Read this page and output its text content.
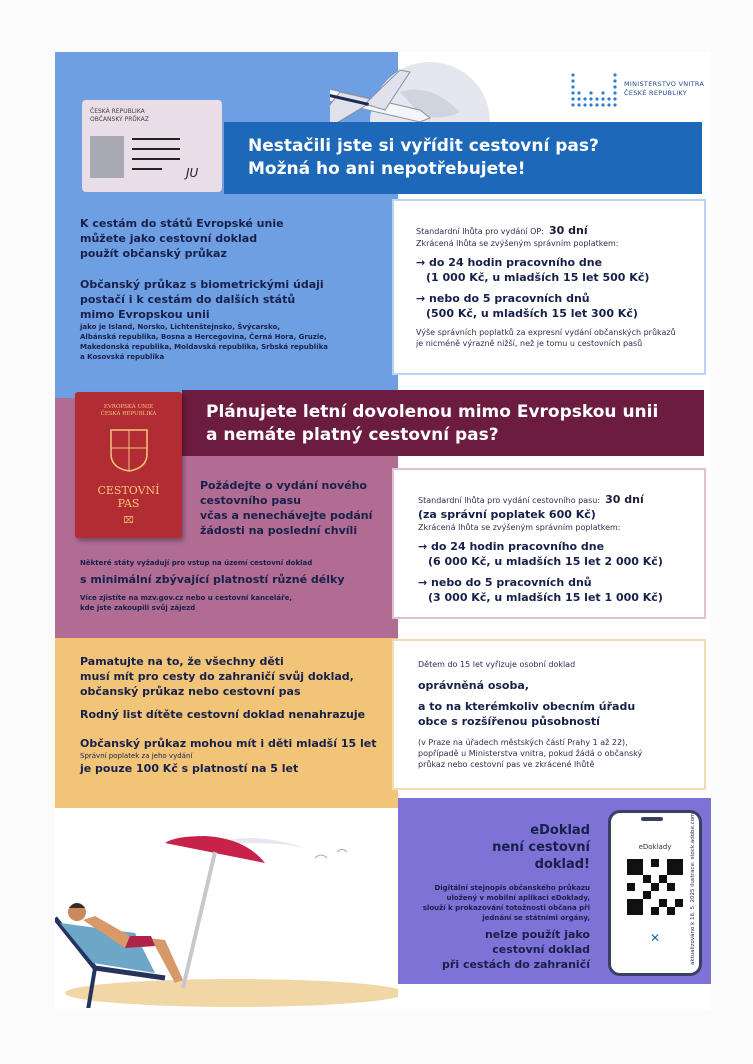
MINISTERSTVO VNITRA
ČESKÉ REPUBLIKY
ČESKÁ REPUBLIKA
OBČANSKÝ PRŮKAZ
JU
Nestačili jste si vyřídit cestovní pas?
Možná ho ani nepotřebujete!
K cestám do států Evropské unie
můžete jako cestovní doklad
použít občanský průkaz
Občanský průkaz s biometrickými údaji
postačí i k cestám do dalších států
mimo Evropskou unii
jako je Island, Norsko, Lichtenštejnsko, Švýcarsko,
Albánská republika, Bosna a Hercegovina, Černá Hora, Gruzie,
Makedonská republika, Moldavská republika, Srbská republika
a Kosovská republika
Standardní lhůta pro vydání OP: 30 dní
Zkrácená lhůta se zvýšeným správním poplatkem:
→ do 24 hodin pracovního dne
(1 000 Kč, u mladších 15 let 500 Kč)
→ nebo do 5 pracovních dnů
(500 Kč, u mladších 15 let 300 Kč)
Výše správních poplatků za expresní vydání občanských průkazů
je nicméně výrazně nižší, než je tomu u cestovních pasů
Plánujete letní dovolenou mimo Evropskou unii
a nemáte platný cestovní pas?
EVROPSKÁ UNIE
ČESKÁ REPUBLIKA
CESTOVNÍ
PAS
⌧
Požádejte o vydání nového
cestovního pasu
včas a nenechávejte podání
žádosti na poslední chvíli
Některé státy vyžadují pro vstup na území cestovní doklad
s minimální zbývající platností různé délky
Více zjistíte na mzv.gov.cz nebo u cestovní kanceláře,
kde jste zakoupili svůj zájezd
Standardní lhůta pro vydání cestovního pasu: 30 dní
(za správní poplatek 600 Kč)
Zkrácená lhůta se zvýšeným správním poplatkem:
→ do 24 hodin pracovního dne
(6 000 Kč, u mladších 15 let 2 000 Kč)
→ nebo do 5 pracovních dnů
(3 000 Kč, u mladších 15 let 1 000 Kč)
Pamatujte na to, že všechny děti
musí mít pro cesty do zahraničí svůj doklad,
občanský průkaz nebo cestovní pas
Rodný list dítěte cestovní doklad nenahrazuje
Občanský průkaz mohou mít i děti mladší 15 let
Správní poplatek za jeho vydání
je pouze 100 Kč s platností na 5 let
Dětem do 15 let vyřizuje osobní doklad
oprávněná osoba,
a to na kterémkoliv obecním úřadu
obce s rozšířenou působností
(v Praze na úřadech městských částí Prahy 1 až 22),
popřípadě u Ministerstva vnitra, pokud žádá o občanský
průkaz nebo cestovní pas ve zkrácené lhůtě
eDoklad
není cestovní
doklad!
Digitální stejnopis občanského průkazu
uložený v mobilní aplikaci eDoklady,
slouží k prokazování totožnosti občana při
jednání se státními orgány,
nelze použít jako
cestovní doklad
při cestách do zahraničí
eDoklady
✕	aktualizováno k 16. 5. 2025 ilustrace: stock.adobe.com
